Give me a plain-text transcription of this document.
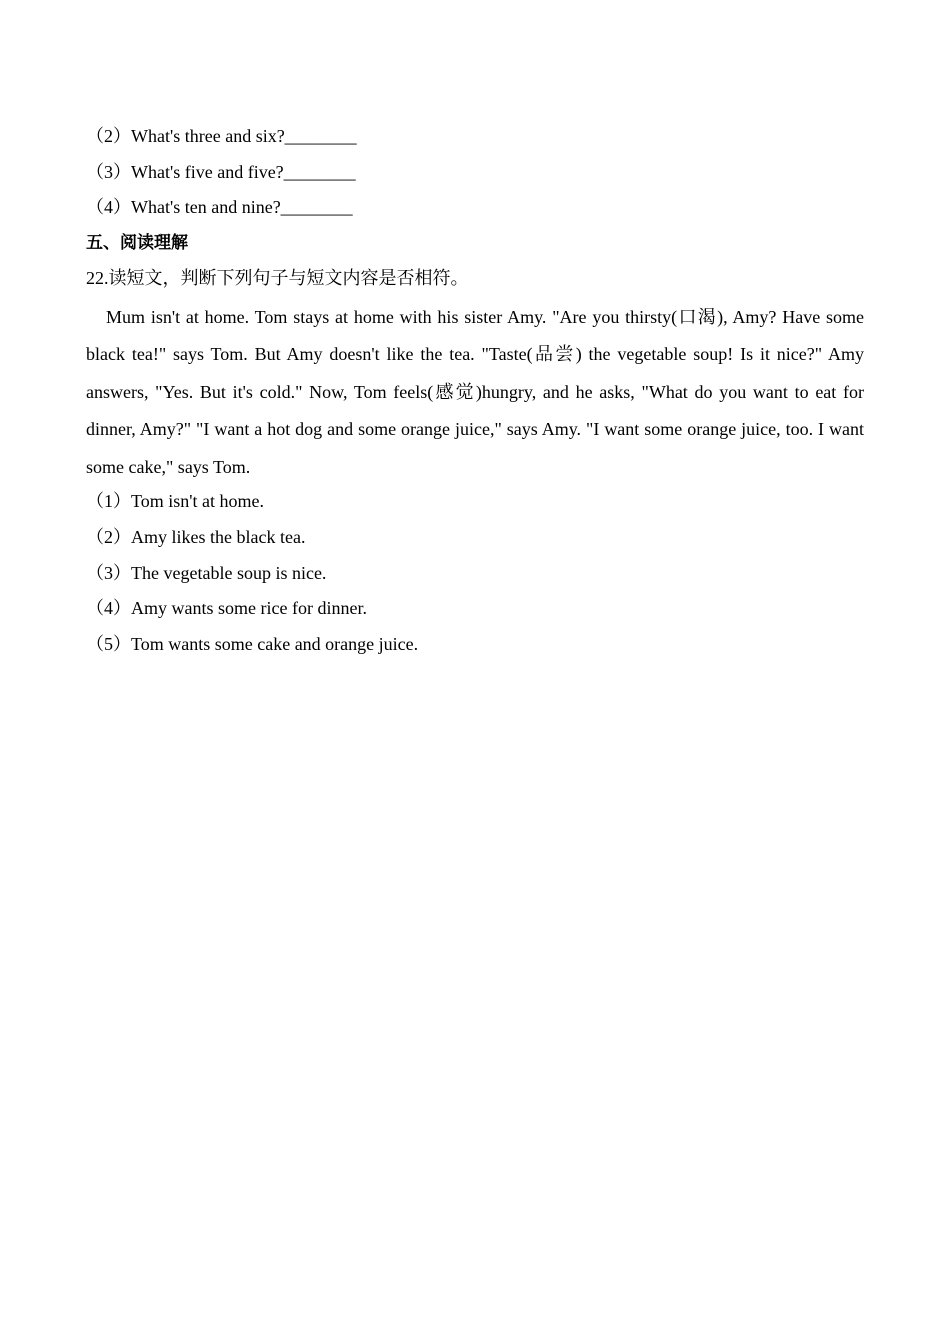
（2）What's three and six?________
（3）What's five and five?________
（4）What's ten and nine?________
五、阅读理解
22.读短文，判断下列句子与短文内容是否相符。
Mum isn't at home. Tom stays at home with his sister Amy. "Are you thirsty(口渴), Amy? Have some black tea!" says Tom. But Amy doesn't like the tea. "Taste(品尝) the vegetable soup! Is it nice?" Amy answers, "Yes. But it's cold." Now, Tom feels(感觉)hungry, and he asks, "What do you want to eat for dinner, Amy?" "I want a hot dog and some orange juice," says Amy. "I want some orange juice, too. I want some cake," says Tom.
（1）Tom isn't at home.
（2）Amy likes the black tea.
（3）The vegetable soup is nice.
（4）Amy wants some rice for dinner.
（5）Tom wants some cake and orange juice.
